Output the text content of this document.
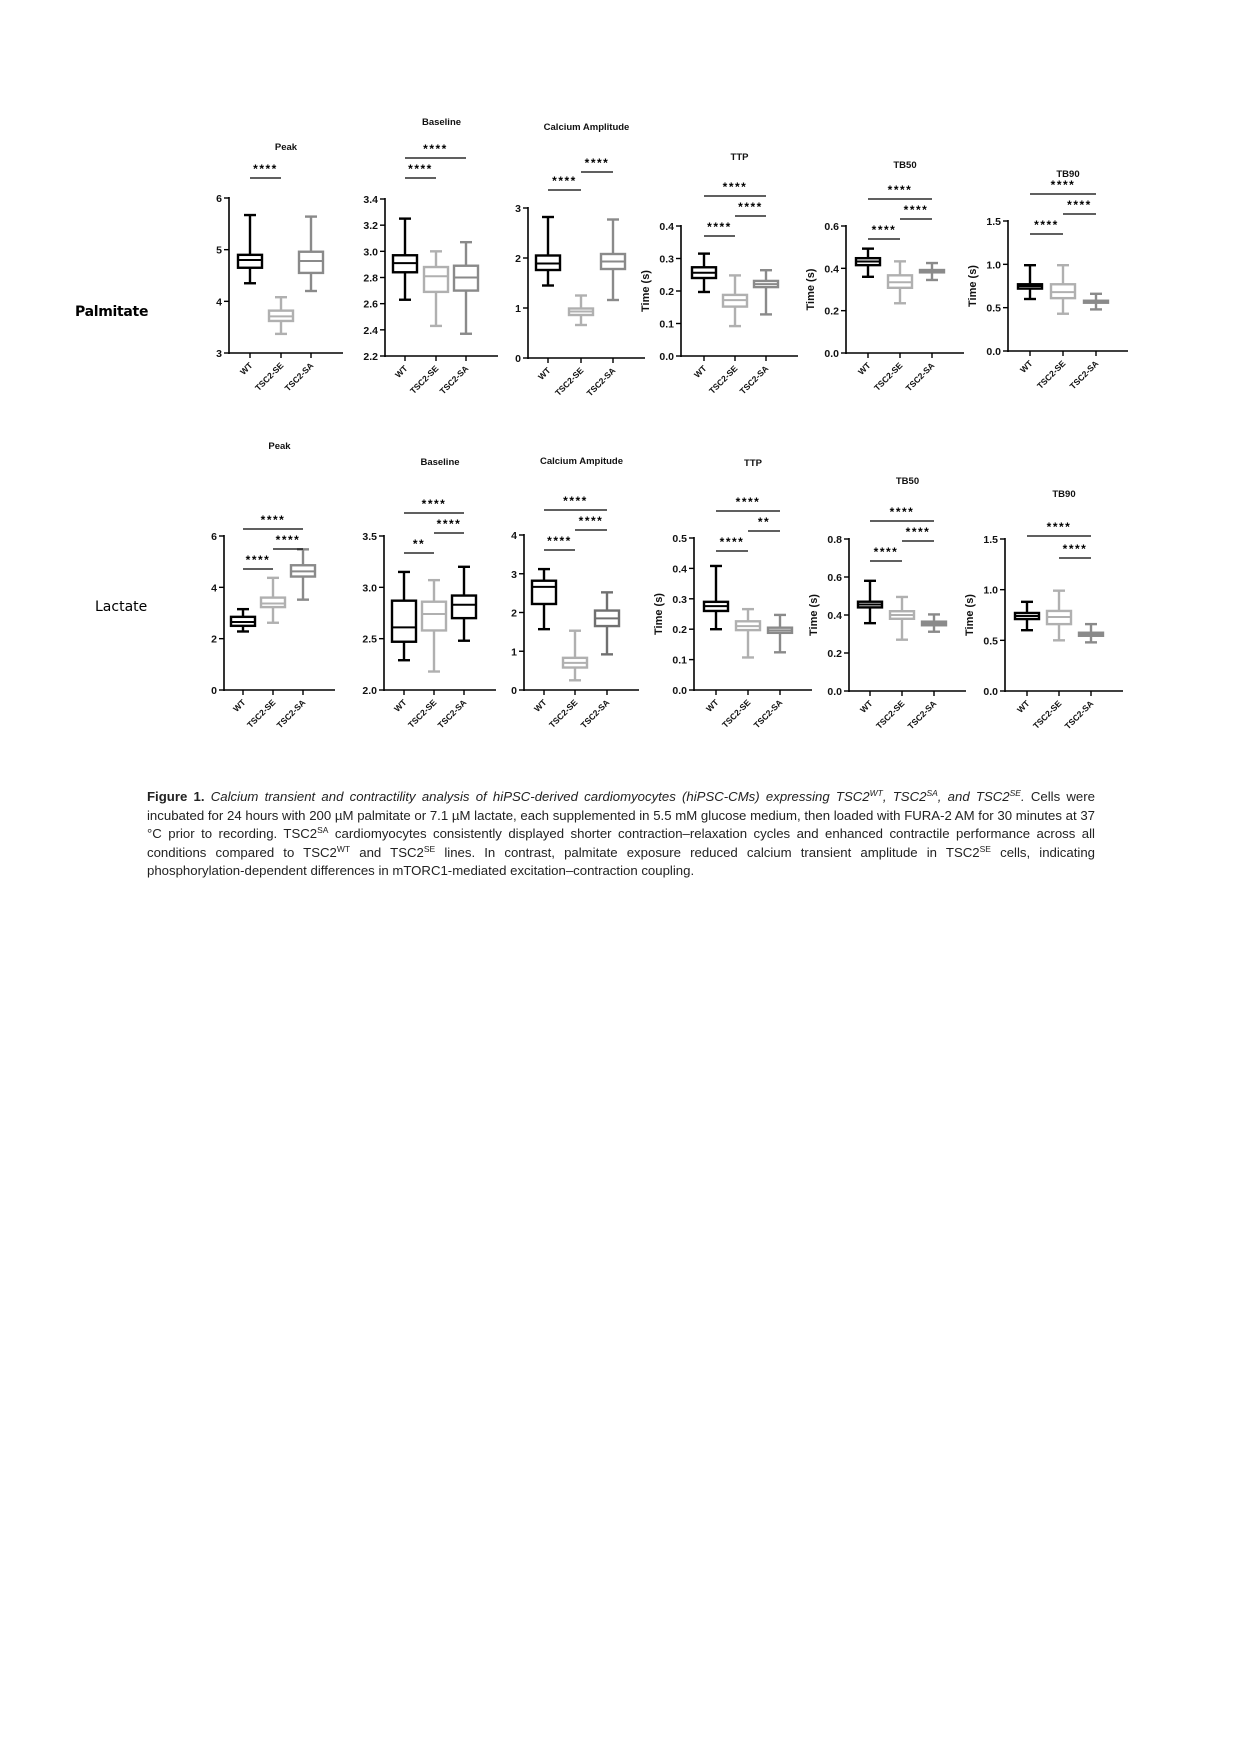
Palmitate
Lactate
Peak
3
4
5
6
WT
TSC2-SE
TSC2-SA
****
Baseline
2.2
2.4
2.6
2.8
3.0
3.2
3.4
WT
TSC2-SE
TSC2-SA
****
****
Calcium Amplitude
0
1
2
3
WT TSC2-SE TSC2-SA
****
****	TTP
0.0
0.1
0.2
0.3
0.4
Time (s)
WT
TSC2-SE
TSC2-SA
****
****
****
TB50
0.0
0.2
0.4
0.6
Time (s)
WT TSC2-SE TSC2-SA
****
****
****
TB90
0.0
0.5
1.0
1.5
Time (s)
WT TSC2-SE TSC2-SA
****
****
****
Peak
0
2
4
6
WT
TSC2-SE
TSC2-SA
****
****
****
Baseline
2.0
2.5
3.0
3.5
WT
TSC2-SE
TSC2-SA
**
****
****
Calcium Ampitude
0
1
2
3
4
WT
TSC2-SE TSC2-SA
****
****
****
TTP
0.0
0.1
0.2
0.3
0.4
0.5
Time (s)
WT TSC2-SE TSC2-SA
****
**
****
TB50
0.0
0.2
0.4
0.6
0.8
Time (s)
WT TSC2-SE TSC2-SA
****
****
****
TB90
0.0
0.5
1.0
1.5
Time (s)
WT TSC2-SE TSC2-SA
****
****
Figure 1. Calcium transient and contractility analysis of hiPSC-derived cardiomyocytes (hiPSC-CMs) expressing $TSC2^{WT}$, $TSC2^{SA}$, and $TSC2^{SE}$. Cells were incubated for 24 hours with 200 µM palmitate or 7.1 µM lactate, each supplemented in 5.5 mM glucose medium, then loaded with FURA-2 AM for 30 minutes at 37 °C prior to recording. $TSC2^{SA}$ cardiomyocytes consistently displayed shorter contraction–relaxation cycles and enhanced contractile performance across all conditions compared to $TSC2^{WT}$ and $TSC2^{SE}$ lines. In contrast, palmitate exposure reduced calcium transient amplitude in $TSC2^{SE}$ cells, indicating phosphorylation-dependent differences in mTORC1-mediated excitation–contraction coupling.
